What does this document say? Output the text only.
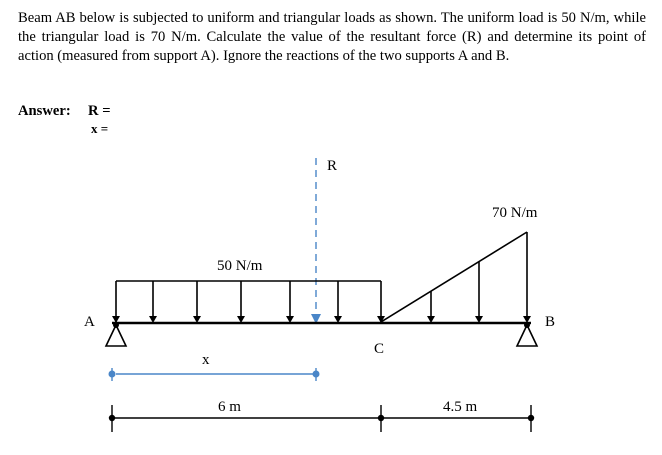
Beam AB below is subjected to uniform and triangular loads as shown. The uniform load is 50 N/m, while the triangular load is 70 N/m. Calculate the value of the resultant force (R) and determine its point of action (measured from support A). Ignore the reactions of the two supports A and B.
Answer: R =
x =
R
50 N/m
70 N/m
A	B
C
x
6 m	4.5 m
